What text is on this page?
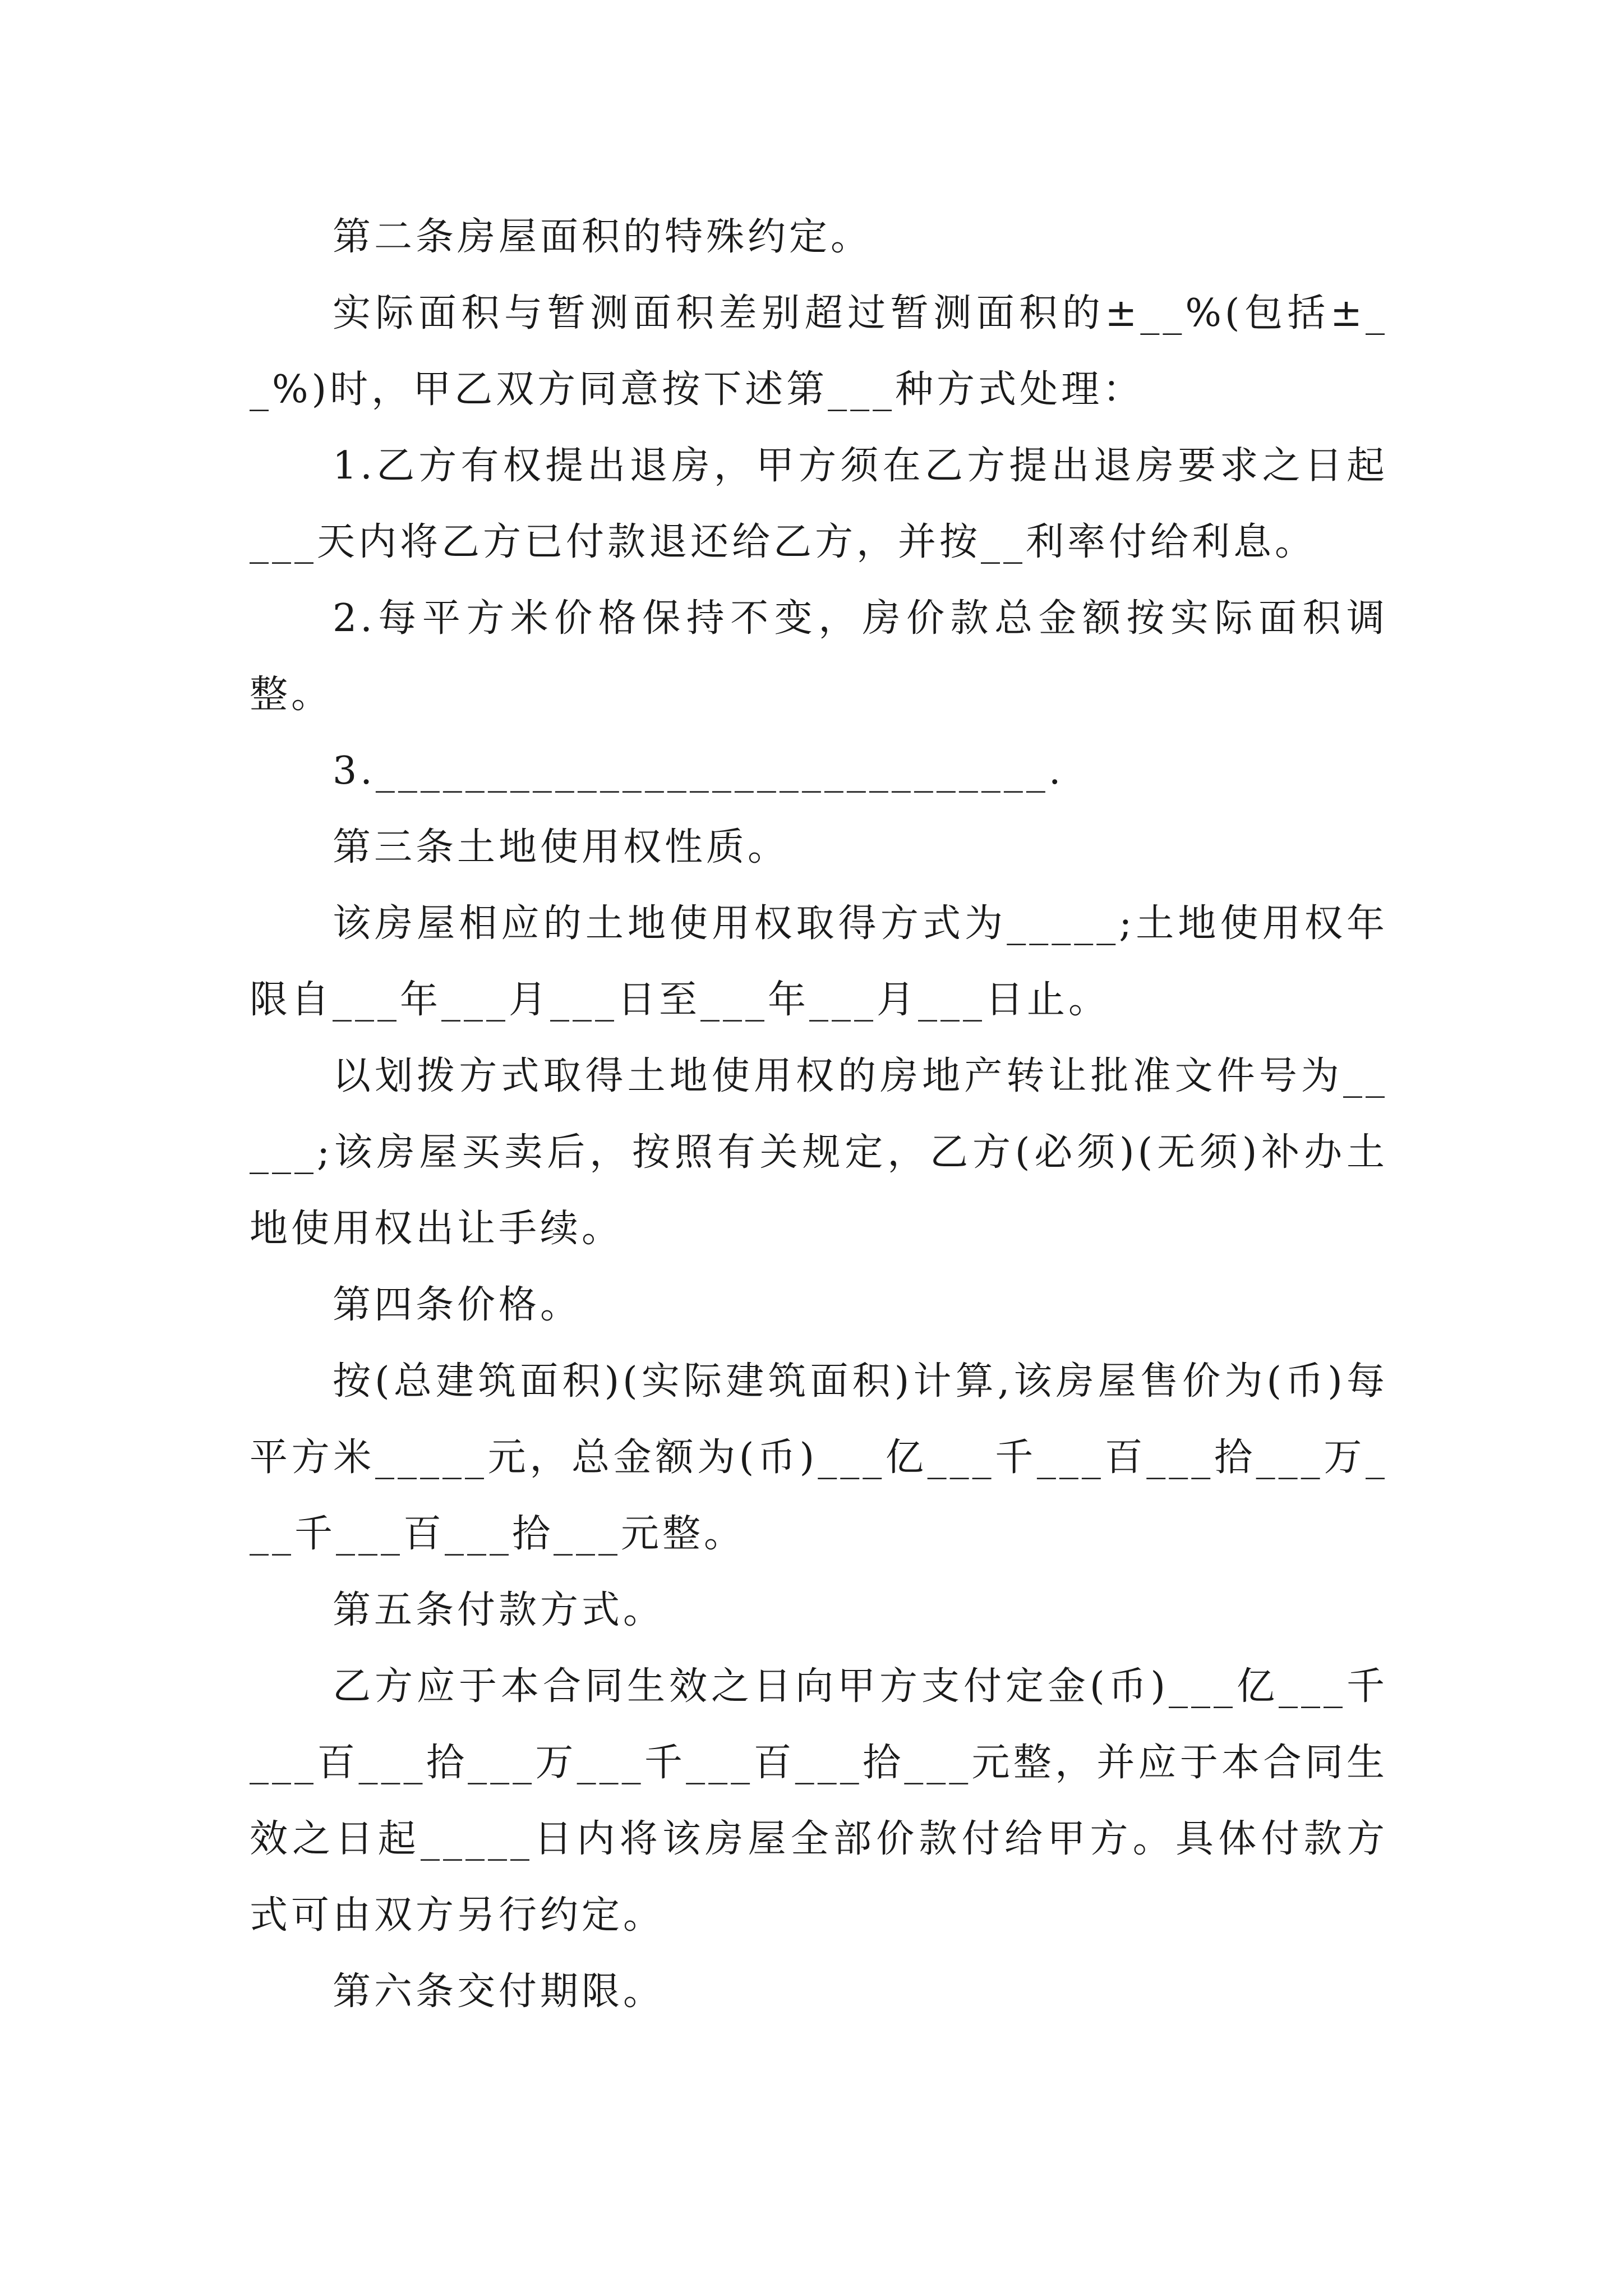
第二条房屋面积的特殊约定。

实际面积与暂测面积差别超过暂测面积的±__%(包括±__%)时，甲乙双方同意按下述第___种方式处理：

1.乙方有权提出退房，甲方须在乙方提出退房要求之日起___天内将乙方已付款退还给乙方，并按__利率付给利息。

2.每平方米价格保持不变，房价款总金额按实际面积调整。

3.______________________________.

第三条土地使用权性质。

该房屋相应的土地使用权取得方式为_____;土地使用权年限自___年___月___日至___年___月___日止。

以划拨方式取得土地使用权的房地产转让批准文件号为_____;该房屋买卖后，按照有关规定，乙方(必须)(无须)补办土地使用权出让手续。

第四条价格。

按(总建筑面积)(实际建筑面积)计算,该房屋售价为(币)每平方米_____元，总金额为(币)___亿___千___百___拾___万___千___百___拾___元整。

第五条付款方式。

乙方应于本合同生效之日向甲方支付定金(币)___亿___千___百___拾___万___千___百___拾___元整，并应于本合同生效之日起_____日内将该房屋全部价款付给甲方。具体付款方式可由双方另行约定。

第六条交付期限。
